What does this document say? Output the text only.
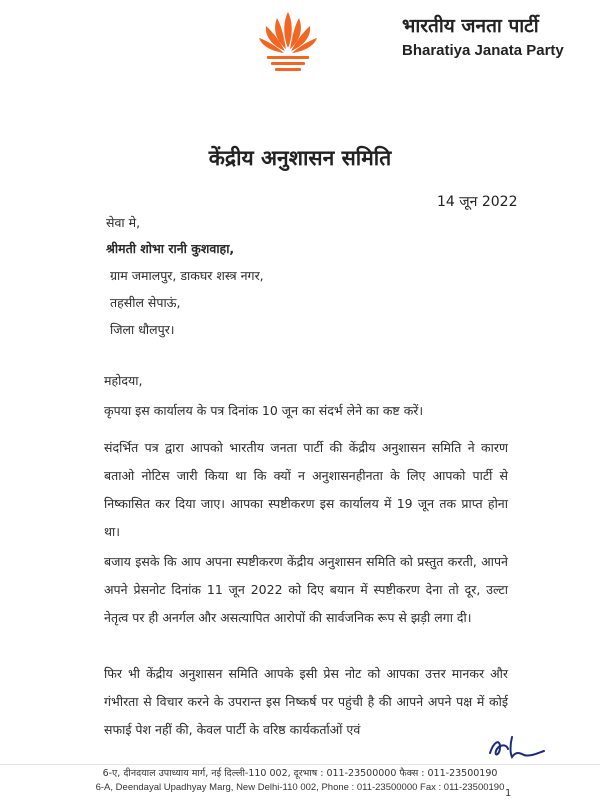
भारतीय जनता पार्टी
Bharatiya Janata Party
केंद्रीय अनुशासन समिति
14 जून 2022
सेवा मे,
श्रीमती शोभा रानी कुशवाहा,
ग्राम जमालपुर, डाकघर शस्त्र नगर,
तहसील सेपाऊं,
जिला धौलपुर।
महोदया,
कृपया इस कार्यालय के पत्र दिनांक 10 जून का संदर्भ लेने का कष्ट करें।
संदर्भित पत्र द्वारा आपको भारतीय जनता पार्टी की केंद्रीय अनुशासन समिति ने कारण बताओ नोटिस जारी किया था कि क्यों न अनुशासनहीनता के लिए आपको पार्टी से निष्कासित कर दिया जाए। आपका स्पष्टीकरण इस कार्यालय में 19 जून तक प्राप्त होना था।
बजाय इसके कि आप अपना स्पष्टीकरण केंद्रीय अनुशासन समिति को प्रस्तुत करती, आपने अपने प्रेसनोट दिनांक 11 जून 2022 को दिए बयान में स्पष्टीकरण देना तो दूर, उल्टा नेतृत्व पर ही अनर्गल और असत्यापित आरोपों की सार्वजनिक रूप से झड़ी लगा दी।
फिर भी केंद्रीय अनुशासन समिति आपके इसी प्रेस नोट को आपका उत्तर मानकर और गंभीरता से विचार करने के उपरान्त इस निष्कर्ष पर पहुंची है की आपने अपने पक्ष में कोई सफाई पेश नहीं की, केवल पार्टी के वरिष्ठ कार्यकर्ताओं एवं
6-ए, दीनदयाल उपाध्याय मार्ग, नई दिल्ली-110 002, दूरभाष : 011-23500000 फैक्स : 011-23500190
6-A, Deendayal Upadhyay Marg, New Delhi-110 002, Phone : 011-23500000 Fax : 011-23500190
1
